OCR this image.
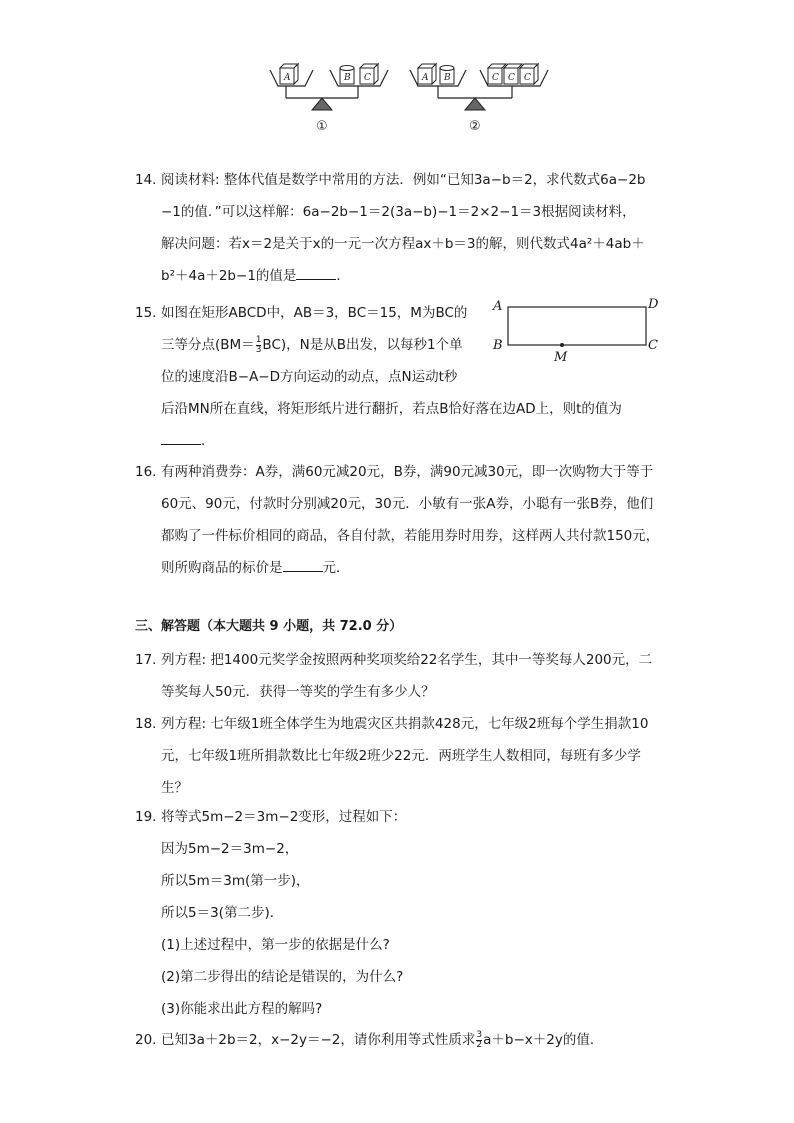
A	B C	A B	C C C
①	②
14. 阅读材料: 整体代值是数学中常用的方法．例如“已知3a−b＝2，求代数式6a−2b
−1的值．”可以这样解：6a−2b−1＝2(3a−b)−1＝2×2−1＝3根据阅读材料，
解决问题：若x＝2是关于x的一元一次方程ax＋b＝3的解，则代数式4a²＋4ab＋
b²＋4a＋2b−1的值是	．
15. 如图在矩形ABCD中，AB＝3，BC＝15，M为BC的
三等分点$(BM= \frac{1}{3} BC)$，N是从B出发，以每秒1个单
位的速度沿B−A−D方向运动的动点，点N运动t秒
后沿MN所在直线，将矩形纸片进行翻折，若点B恰好落在边AD上，则t的值为
．
A	D
B	C
M
16. 有两种消费券：A券，满60元减20元，B券，满90元减30元，即一次购物大于等于
60元、90元，付款时分别减20元，30元．小敏有一张A券，小聪有一张B券，他们
都购了一件标价相同的商品，各自付款，若能用券时用券，这样两人共付款150元，
则所购商品的标价是	元．
三、解答题（本大题共 9 小题，共 72.0 分）
17. 列方程: 把1400元奖学金按照两种奖项奖给22名学生，其中一等奖每人200元，二
等奖每人50元．获得一等奖的学生有多少人？
18. 列方程: 七年级1班全体学生为地震灾区共捐款428元，七年级2班每个学生捐款10
元，七年级1班所捐款数比七年级2班少22元．两班学生人数相同，每班有多少学
生？
19. 将等式5m−2＝3m−2变形，过程如下：
因为5m−2＝3m−2，
所以5m＝3m(第一步)，
所以5＝3(第二步)．
(1)上述过程中，第一步的依据是什么?
(2)第二步得出的结论是错误的，为什么?
(3)你能求出此方程的解吗?
20. 已知3a＋2b＝2，x−2y＝−2，请你利用等式性质求 $\frac{3}{2} a+b-x+2y$的值．
